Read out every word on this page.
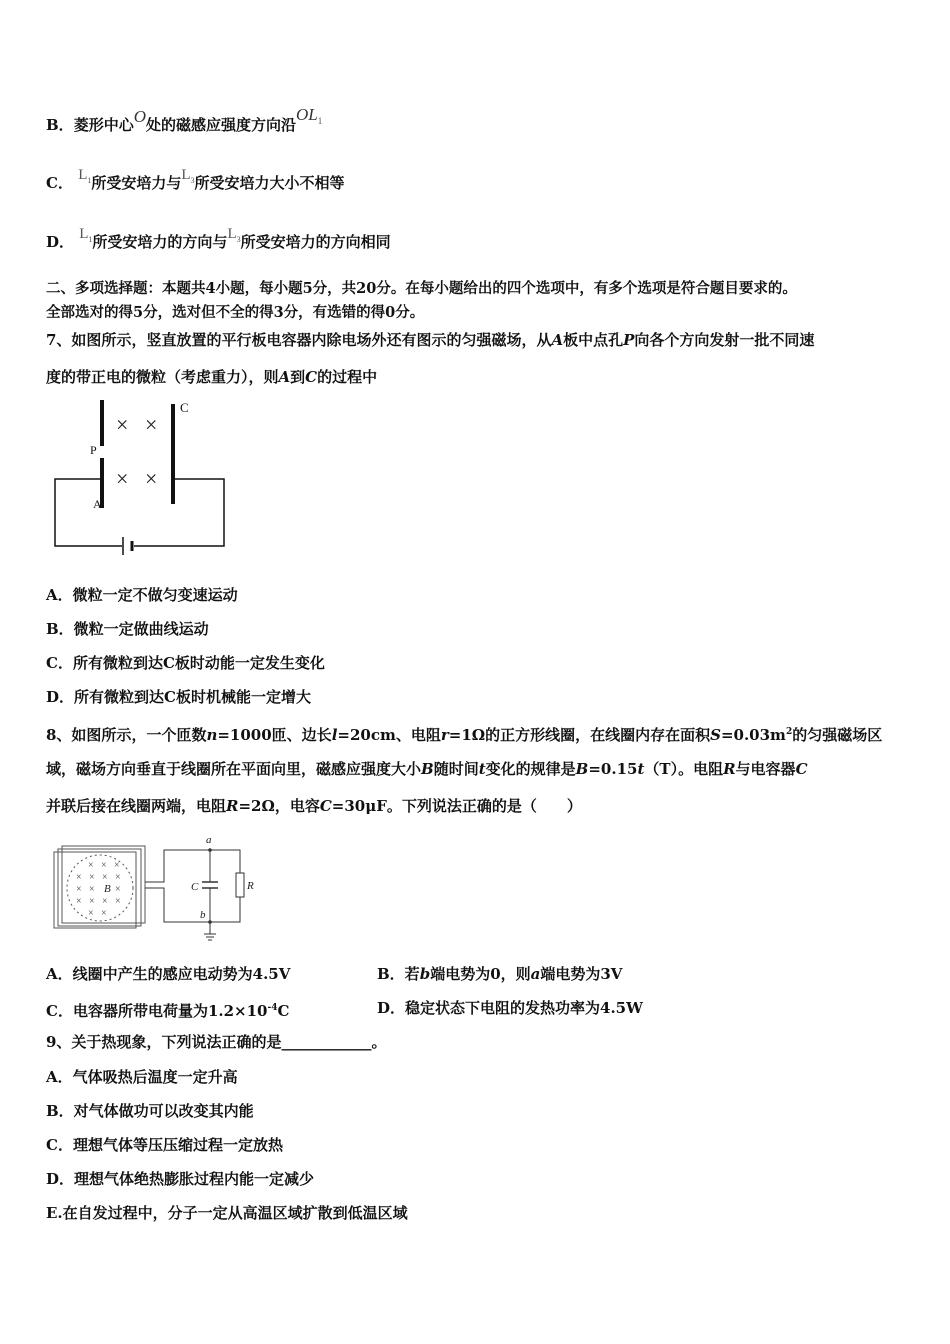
B．菱形中心O处的磁感应强度方向沿$OL^1$
C． $L^1$所受安培力与$L^3$所受安培力大小不相等
D． $L^1$所受安培力的方向与$L^3$所受安培力的方向相同
二、多项选择题：本题共4小题，每小题5分，共20分。在每小题给出的四个选项中，有多个选项是符合题目要求的。
全部选对的得5分，选对但不全的得3分，有选错的得0分。
7、如图所示，竖直放置的平行板电容器内除电场外还有图示的匀强磁场，从A板中点孔P向各个方向发射一批不同速
度的带正电的微粒（考虑重力），则A到C的过程中
× ×
× ×
C
P
A
A．微粒一定不做匀变速运动
B．微粒一定做曲线运动
C．所有微粒到达C板时动能一定发生变化
D．所有微粒到达C板时机械能一定增大
8、如图所示，一个匝数n=1000匝、边长l=20cm、电阻r=1Ω的正方形线圈，在线圈内存在面积$S=0.03m^2$的匀强磁场区
域，磁场方向垂直于线圈所在平面向里，磁感应强度大小B随时间t变化的规律是B=0.15t（T）。电阻R与电容器C
并联后接在线圈两端，电阻R=2Ω，电容C=30μF。下列说法正确的是（　　）
× × ×
× × × ×
× × ×
× × × ×
× ×
B
a
b
C	R
A．线圈中产生的感应电动势为4.5V	B．若b端电势为0，则a端电势为3V
C．电容器所带电荷量为$1.2\times 10^{-4}C$	D．稳定状态下电阻的发热功率为4.5W
9、关于热现象，下列说法正确的是____________。
A．气体吸热后温度一定升高
B．对气体做功可以改变其内能
C．理想气体等压压缩过程一定放热
D．理想气体绝热膨胀过程内能一定减少
E.在自发过程中，分子一定从高温区域扩散到低温区域
